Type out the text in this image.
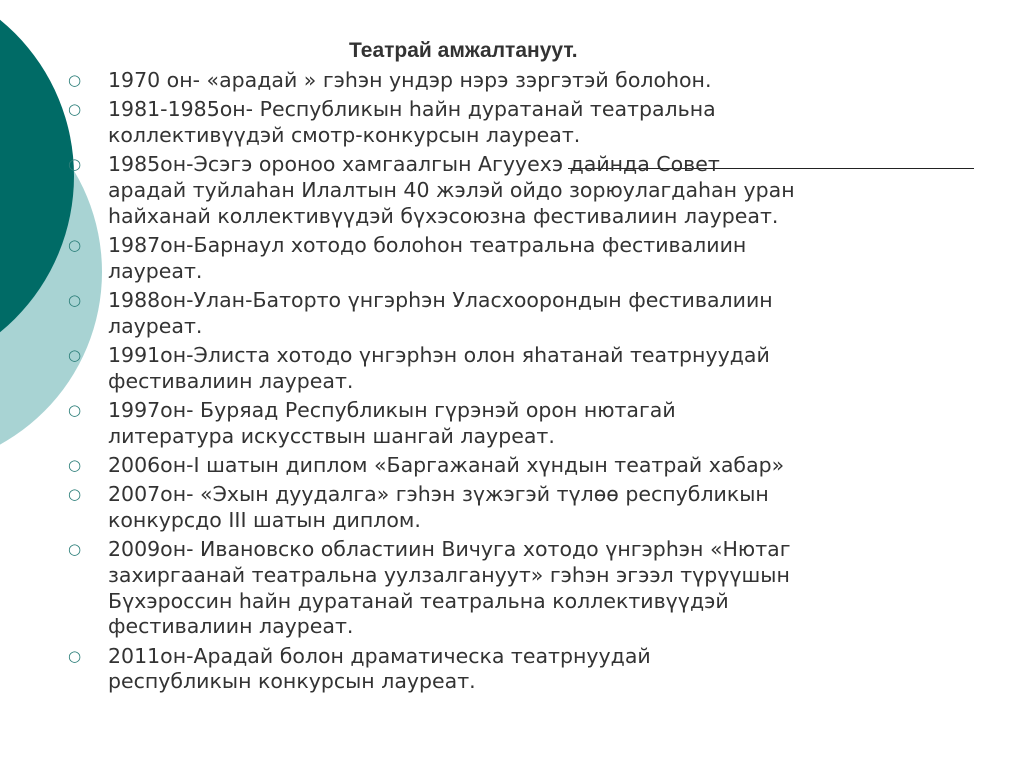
Театрай амжалтануут.
○ 1970 он- «арадай » гэһэн ундэр нэрэ зэргэтэй болоһон.
○ 1981-1985он- Республикын һайн дуратанай театральна
коллективүүдэй смотр-конкурсын лауреат.
○ 1985он-Эсэгэ ороноо хамгаалгын Агууехэ дайнда Совет
арадай туйлаhан Илалтын 40 жэлэй ойдо зорюулагдаһан уран
һайханай коллективүүдэй бүхэсоюзна фестивалиин лауреат.
○ 1987он-Барнаул хотодо болоһон театральна фестивалиин
лауреат.
○ 1988он-Улан-Баторто үнгэрһэн Уласхоорондын фестивалиин
лауреат.
○ 1991он-Элиста хотодо үнгэрһэн олон яһатанай театрнуудай
фестивалиин лауреат.
○ 1997он- Буряад Республикын гүрэнэй орон нютагай
литература искусствын шангай лауреат.
○ 2006он-I шатын диплом «Баргажанай хүндын театрай хабар»
○ 2007он- «Эхын дуудалга» гэһэн зүжэгэй түлөө республикын
конкурсдо III шатын диплом.
○ 2009он- Ивановско областиин Вичуга хотодо үнгэрһэн «Нютаг
захиргаанай театральна уулзалгануут» гэһэн эгээл түрүүшын
Бүхэроссин һайн дуратанай театральна коллективүүдэй
фестивалиин лауреат.
○ 2011он-Арадай болон драматическа театрнуудай
республикын конкурсын лауреат.
